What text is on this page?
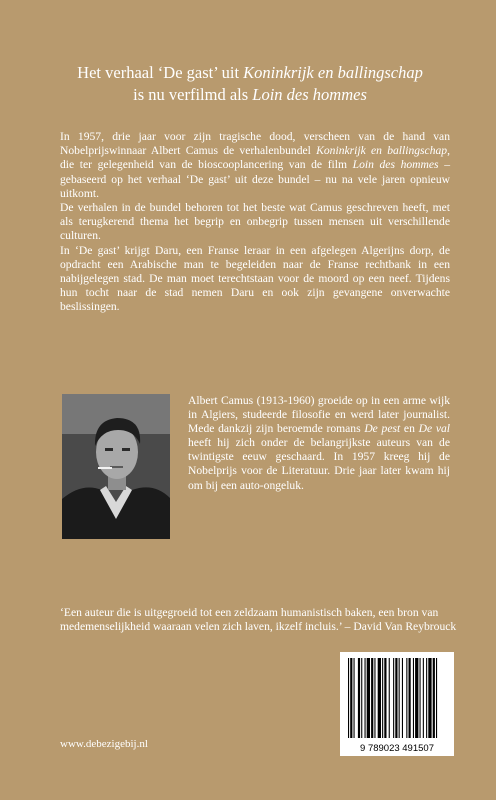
Het verhaal ‘De gast’ uit Koninkrijk en ballingschap
is nu verfilmd als Loin des hommes

In 1957, drie jaar voor zijn tragische dood, verscheen van de hand van Nobelprijswinnaar Albert Camus de verhalenbundel Koninkrijk en ballingschap, die ter gelegenheid van de bioscooplancering van de film Loin des hommes – gebaseerd op het verhaal ‘De gast’ uit deze bundel – nu na vele jaren opnieuw uitkomt.

De verhalen in de bundel behoren tot het beste wat Camus geschreven heeft, met als terugkerend thema het begrip en onbegrip tussen mensen uit verschillende culturen.

In ‘De gast’ krijgt Daru, een Franse leraar in een afgelegen Algerijns dorp, de opdracht een Arabische man te begeleiden naar de Franse rechtbank in een nabijgelegen stad. De man moet terechtstaan voor de moord op een neef. Tijdens hun tocht naar de stad nemen Daru en ook zijn gevangene onverwachte beslissingen.

Albert Camus (1913-1960) groeide op in een arme wijk in Algiers, studeerde filosofie en werd later journalist. Mede dankzij zijn beroemde romans De pest en De val heeft hij zich onder de belangrijkste auteurs van de twintigste eeuw geschaard. In 1957 kreeg hij de Nobelprijs voor de Literatuur. Drie jaar later kwam hij om bij een auto-ongeluk.

‘Een auteur die is uitgegroeid tot een zeldzaam humanistisch baken, een bron van medemenselijkheid waaraan velen zich laven, ikzelf incluis.’ – David Van Reybrouck

9 789023 491507
www.debezigebij.nl
